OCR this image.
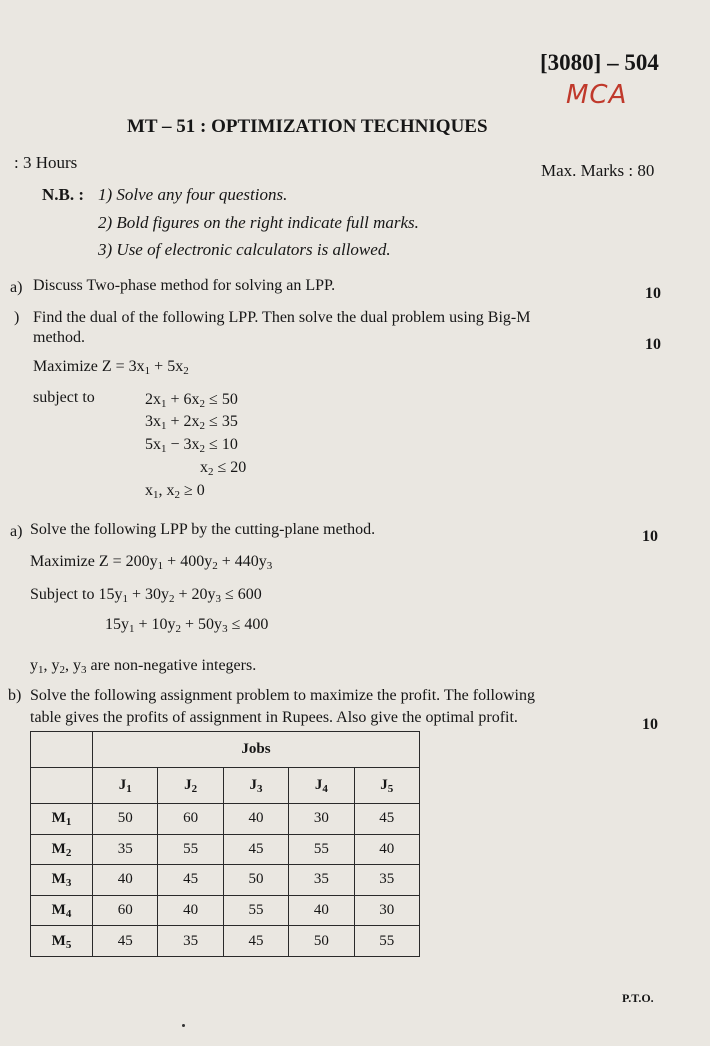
[3080] – 504
MCA
MT – 51 : OPTIMIZATION TECHNIQUES
: 3 Hours	Max. Marks : 80
N.B. : 1) Solve any four questions.
2) Bold figures on the right indicate full marks.
3) Use of electronic calculators is allowed.
a) Discuss Two-phase method for solving an LPP.	10
) Find the dual of the following LPP. Then solve the dual problem using Big-M
method.	10
Maximize $Z = 3x_1 + 5x_2$
subject to	$2x_1 + 6x_2 \le 50$
$3x_1 + 2x_2 \le 35$
$5x_1 - 3x_2 \le 10$
$x_2 \le 20$
$x_1$, $x_2 \ge 0$
a) Solve the following LPP by the cutting-plane method.	10
Maximize $Z = 200y_1 + 400y_2 + 440y_3$
Subject to $15y_1 + 30y_2 + 20y_3 \le 600$
$15y_1 + 10y_2 + 50y_3 \le 400$
$y_1$, $y_2$, $y_3$ are non-negative integers.
b) Solve the following assignment problem to maximize the profit. The following
table gives the profits of assignment in Rupees. Also give the optimal profit.	10
	Jobs				
	$J_1$	$J_2$	$J_3$	$J_4$	$J_5$
$M_1$	50	60	40	30	45
$M_2$	35	55	45	55	40
$M_3$	40	45	50	35	35
$M_4$	60	40	55	40	30
$M_5$	45	35	45	50	55
P.T.O.
